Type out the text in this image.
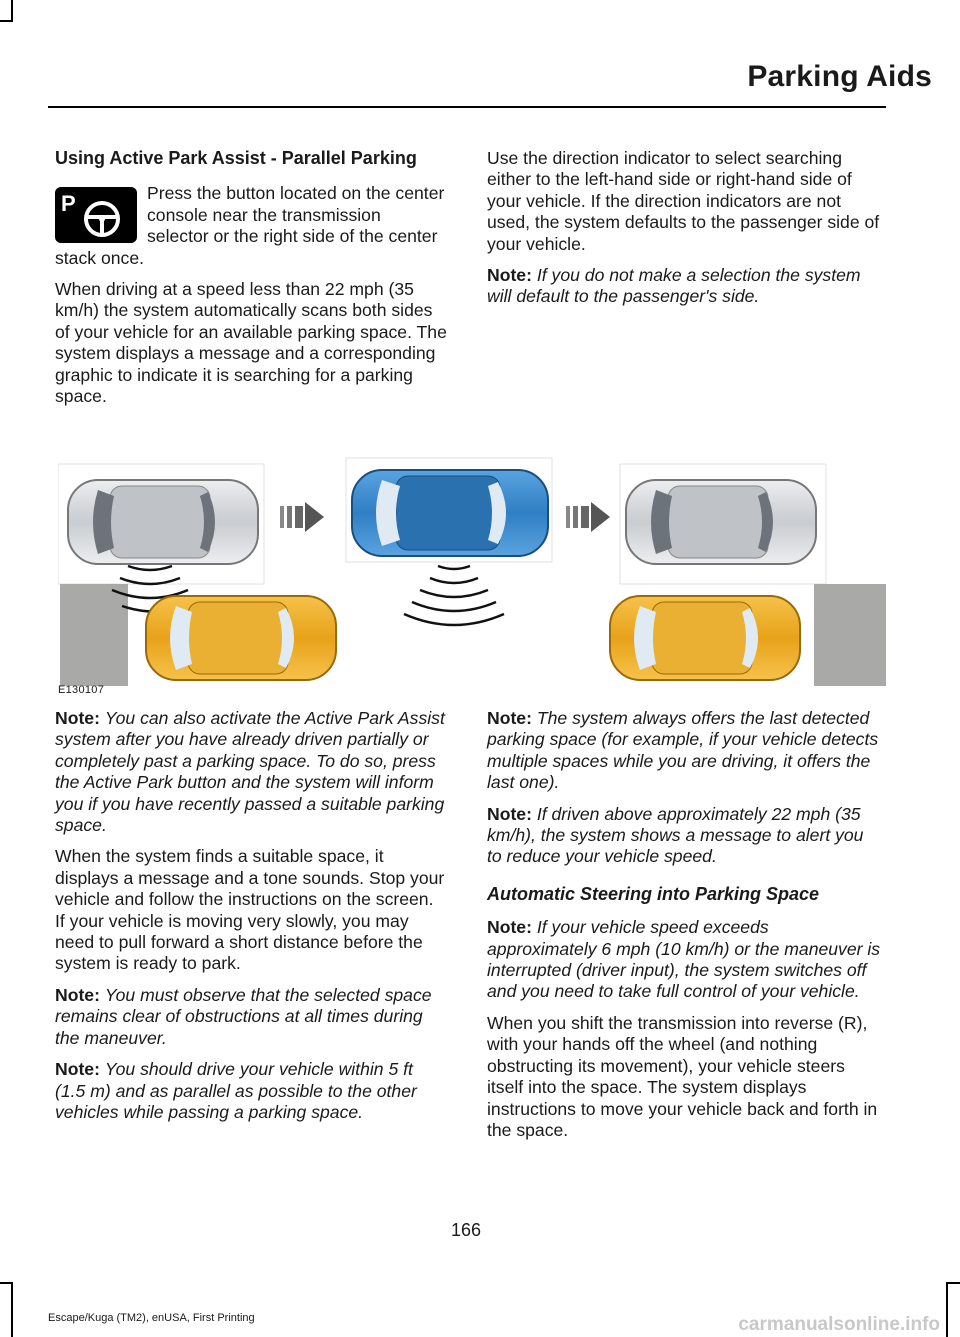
Parking Aids
Using Active Park Assist - Parallel Parking
P	Press the button located on the center console near the transmission selector or the right side of the center stack once.

When driving at a speed less than 22 mph (35 km/h) the system automatically scans both sides of your vehicle for an available parking space. The system displays a message and a corresponding graphic to indicate it is searching for a parking space.

Use the direction indicator to select searching either to the left-hand side or right-hand side of your vehicle. If the direction indicators are not used, the system defaults to the passenger side of your vehicle.

Note: If you do not make a selection the system will default to the passenger's side.

E130107

Note: You can also activate the Active Park Assist system after you have already driven partially or completely past a parking space. To do so, press the Active Park button and the system will inform you if you have recently passed a suitable parking space.

When the system finds a suitable space, it displays a message and a tone sounds. Stop your vehicle and follow the instructions on the screen. If your vehicle is moving very slowly, you may need to pull forward a short distance before the system is ready to park.

Note: You must observe that the selected space remains clear of obstructions at all times during the maneuver.

Note: You should drive your vehicle within 5 ft (1.5 m) and as parallel as possible to the other vehicles while passing a parking space.

Note: The system always offers the last detected parking space (for example, if your vehicle detects multiple spaces while you are driving, it offers the last one).

Note: If driven above approximately 22 mph (35 km/h), the system shows a message to alert you to reduce your vehicle speed.

Automatic Steering into Parking Space

Note: If your vehicle speed exceeds approximately 6 mph (10 km/h) or the maneuver is interrupted (driver input), the system switches off and you need to take full control of your vehicle.

When you shift the transmission into reverse (R), with your hands off the wheel (and nothing obstructing its movement), your vehicle steers itself into the space. The system displays instructions to move your vehicle back and forth in the space.

166
Escape/Kuga (TM2), enUSA, First Printing	carmanualsonline.info
